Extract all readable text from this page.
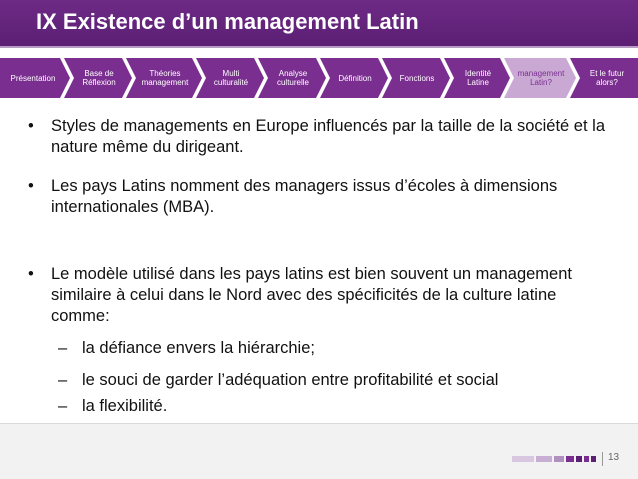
IX Existence d’un management Latin
Présentation	Base de
Réflexion
Théories
management
Multi
culturalité
Analyse
culturelle	Définition	Fonctions	Identité
Latine
management
Latin?
Et le futur
alors?
• Styles de managements en Europe influencés par la taille de la société et la nature même du dirigeant.
• Les pays Latins nomment des managers issus d’écoles à dimensions internationales (MBA).
• Le modèle utilisé dans les pays latins est bien souvent un management similaire à celui dans le Nord avec des spécificités de la culture latine comme:
– la défiance envers la hiérarchie;
– le souci de garder l’adéquation entre profitabilité et social
– la flexibilité.
13
